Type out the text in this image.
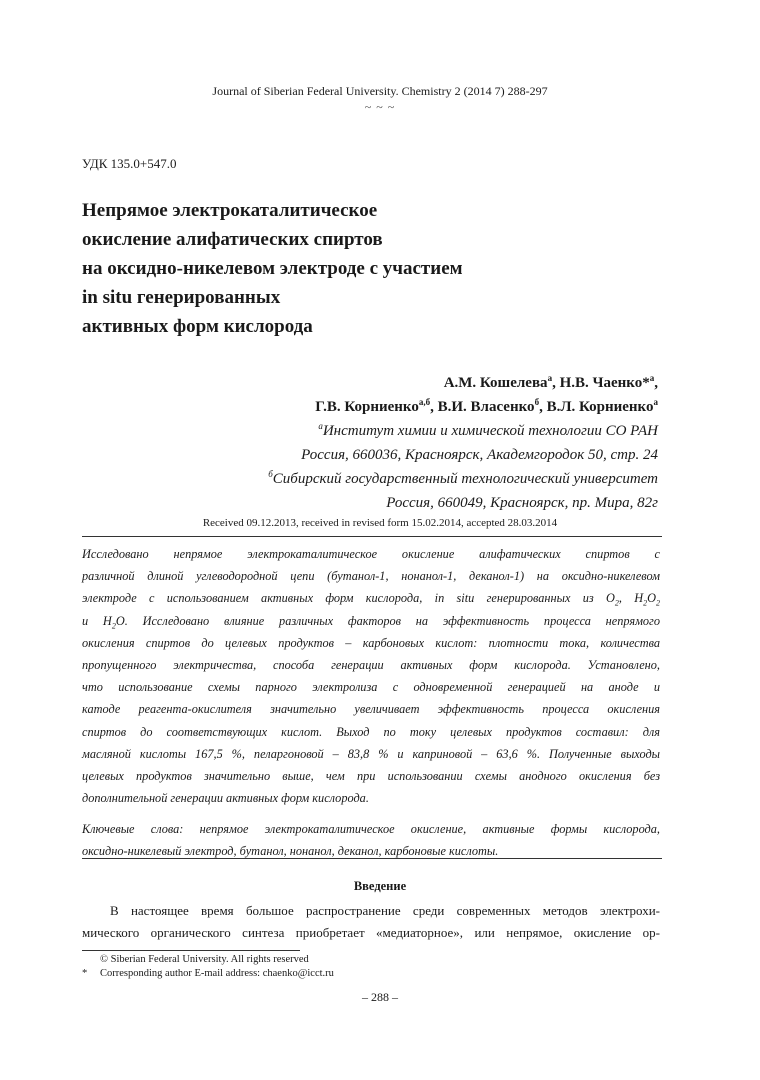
Journal of Siberian Federal University. Chemistry 2 (2014 7) 288-297
~ ~ ~
УДК 135.0+547.0
Непрямое электрокаталитическое
окисление алифатических спиртов
на оксидно-никелевом электроде с участием
in situ генерированных
активных форм кислорода
А.М. Кошелева$^а$, Н.В. Чаенко*$^а$,
Г.В. Корниенко$^{а,б}$, В.И. Власенко$^б$, В.Л. Корниенко$^а$
$^а$Институт химии и химической технологии СО РАН
Россия, 660036, Красноярск, Академгородок 50, стр. 24
$^б$Сибирский государственный технологический университет
Россия, 660049, Красноярск, пр. Мира, 82г
Received 09.12.2013, received in revised form 15.02.2014, accepted 28.03.2014
Исследовано непрямое электрокаталитическое окисление алифатических спиртов с
различной длиной углеводородной цепи (бутанол-1, нонанол-1, деканол-1) на оксидно-никелевом
электроде с использованием активных форм кислорода, in situ генерированных из $O_2$, $H_2O_2$
и $H_2O$. Исследовано влияние различных факторов на эффективность процесса непрямого
окисления спиртов до целевых продуктов – карбоновых кислот: плотности тока, количества
пропущенного электричества, способа генерации активных форм кислорода. Установлено,
что использование схемы парного электролиза с одновременной генерацией на аноде и
катоде реагента-окислителя значительно увеличивает эффективность процесса окисления
спиртов до соответствующих кислот. Выход по току целевых продуктов составил: для
масляной кислоты 167,5 %, пеларгоновой – 83,8 % и каприновой – 63,6 %. Полученные выходы
целевых продуктов значительно выше, чем при использовании схемы анодного окисления без
дополнительной генерации активных форм кислорода.
Ключевые слова: непрямое электрокаталитическое окисление, активные формы кислорода,
оксидно-никелевый электрод, бутанол, нонанол, деканол, карбоновые кислоты.
Введение
В настоящее время большое распространение среди современных методов электрохи-
мического органического синтеза приобретает «медиаторное», или непрямое, окисление ор-
© Siberian Federal University. All rights reserved
* Corresponding author E-mail address: chaenko@icct.ru
– 288 –
